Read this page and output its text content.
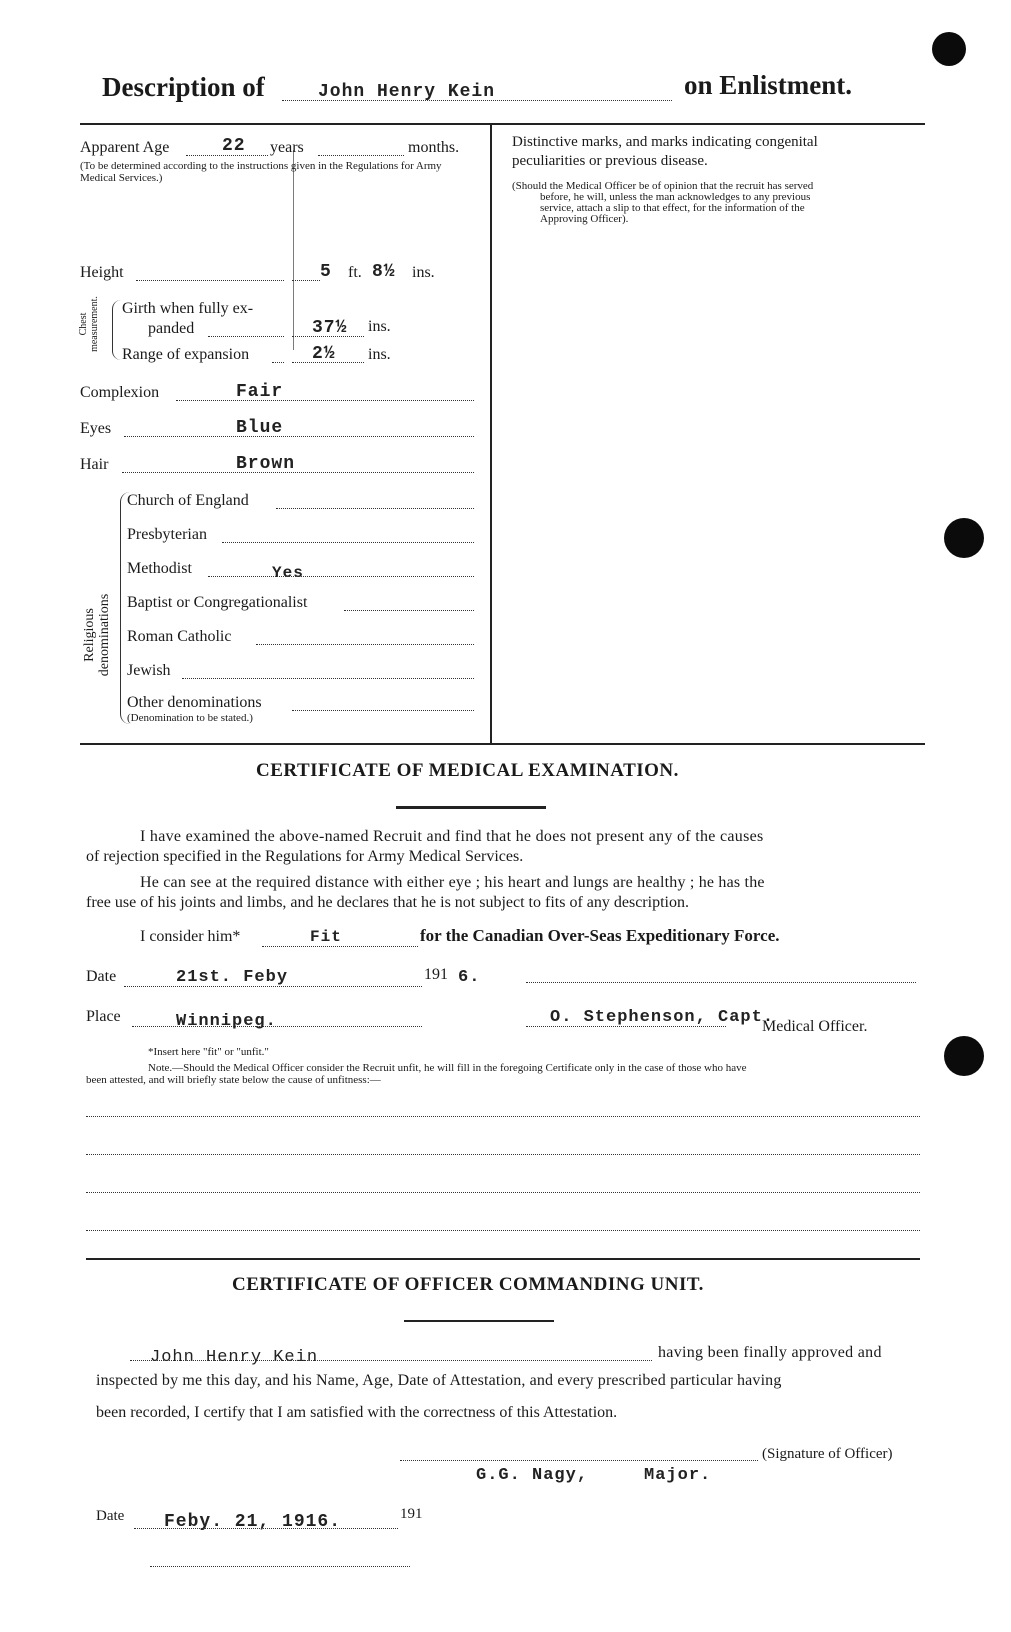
Description of	John Henry Kein	on Enlistment.
Apparent Age	22 years	months.
(To be determined according to the instructions given in the Regulations for Army Medical Services.)
Height	5 ft. 8½ ins.
Chest measurement. Girth when fully ex-
panded	37½ ins.
Range of expansion	2½ ins.
Complexion	Fair
Eyes	Blue
Hair	Brown
Religious denominations
Church of England
Presbyterian
Methodist	Yes
Baptist or Congregationalist
Roman Catholic
Jewish
Other denominations
(Denomination to be stated.)
Distinctive marks, and marks indicating congenital
peculiarities or previous disease.
(Should the Medical Officer be of opinion that the recruit has served
before, he will, unless the man acknowledges to any previous
service, attach a slip to that effect, for the information of the
Approving Officer).
CERTIFICATE OF MEDICAL EXAMINATION.
I have examined the above-named Recruit and find that he does not present any of the causes
of rejection specified in the Regulations for Army Medical Services.
He can see at the required distance with either eye ; his heart and lungs are healthy ; he has the
free use of his joints and limbs, and he declares that he is not subject to fits of any description.
I consider him*	Fit	for the Canadian Over-Seas Expeditionary Force.
Date	21st. Feby	191 6.
Place	Winnipeg.	O. Stephenson, Capt.
Medical Officer.
*Insert here "fit" or "unfit."
Note.—Should the Medical Officer consider the Recruit unfit, he will fill in the foregoing Certificate only in the case of those who have
been attested, and will briefly state below the cause of unfitness:—
CERTIFICATE OF OFFICER COMMANDING UNIT.
John Henry Kein	having been finally approved and
inspected by me this day, and his Name, Age, Date of Attestation, and every prescribed particular having
been recorded, I certify that I am satisfied with the correctness of this Attestation.
(Signature of Officer)
G.G. Nagy,     Major.
Date Feby. 21, 1916.	191
